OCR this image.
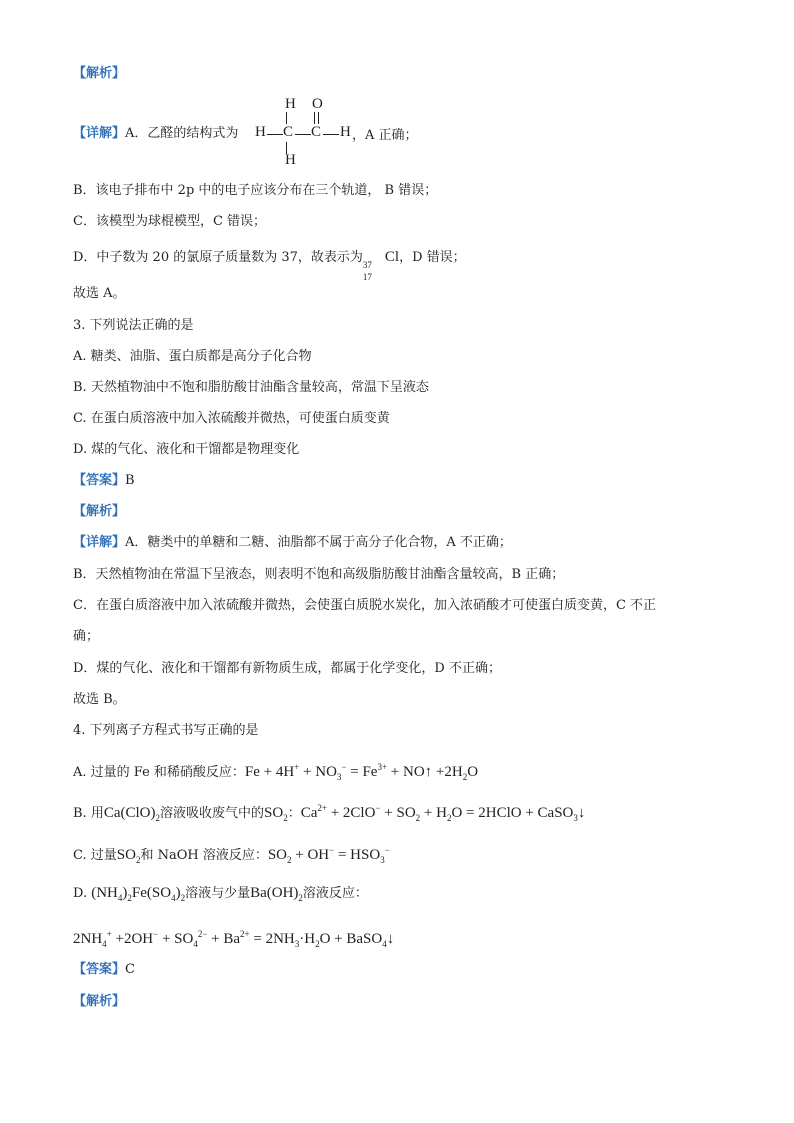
【解析】
【详解】A．乙醛的结构式为
H O
H C C H ，A 正确；
H
B．该电子排布中 2p 中的电子应该分布在三个轨道， B 错误；
C．该模型为球棍模型，C 错误；
D．中子数为 20 的氯原子质量数为 37，故表示为 37
17
Cl，D 错误；
故选 A。
3. 下列说法正确的是
A. 糖类、油脂、蛋白质都是高分子化合物
B. 天然植物油中不饱和脂肪酸甘油酯含量较高，常温下呈液态
C. 在蛋白质溶液中加入浓硫酸并微热，可使蛋白质变黄
D. 煤的气化、液化和干馏都是物理变化
【答案】B
【解析】
【详解】A．糖类中的单糖和二糖、油脂都不属于高分子化合物，A 不正确；
B．天然植物油在常温下呈液态，则表明不饱和高级脂肪酸甘油酯含量较高，B 正确；
C．在蛋白质溶液中加入浓硫酸并微热，会使蛋白质脱水炭化，加入浓硝酸才可使蛋白质变黄，C 不正
确；
D．煤的气化、液化和干馏都有新物质生成，都属于化学变化，D 不正确；
故选 B。
4. 下列离子方程式书写正确的是
A. 过量的 Fe 和稀硝酸反应：$Fe + 4H^+ + NO_3^- = Fe^{3+}$ + NO↑ $+2H_2O$
B. 用$Ca(ClO)_2$溶液吸收废气中的$SO_2$：$Ca^{2+} + 2ClO^- + SO_2 + H_2O$ = 2HClO + CaSO$_3$↓
C. 过量$SO_2$和 NaOH 溶液反应：$SO_2 + OH^- = HSO_3^-$
D. $(NH_4)_2Fe(SO_4)_2$溶液与少量$Ba(OH)_2$溶液反应：
$2NH_4^+ +2OH^- + SO_4^{2-} + Ba^{2+} = 2NH_3\cdot H_2O$ + BaSO$_4$↓
【答案】C
【解析】
